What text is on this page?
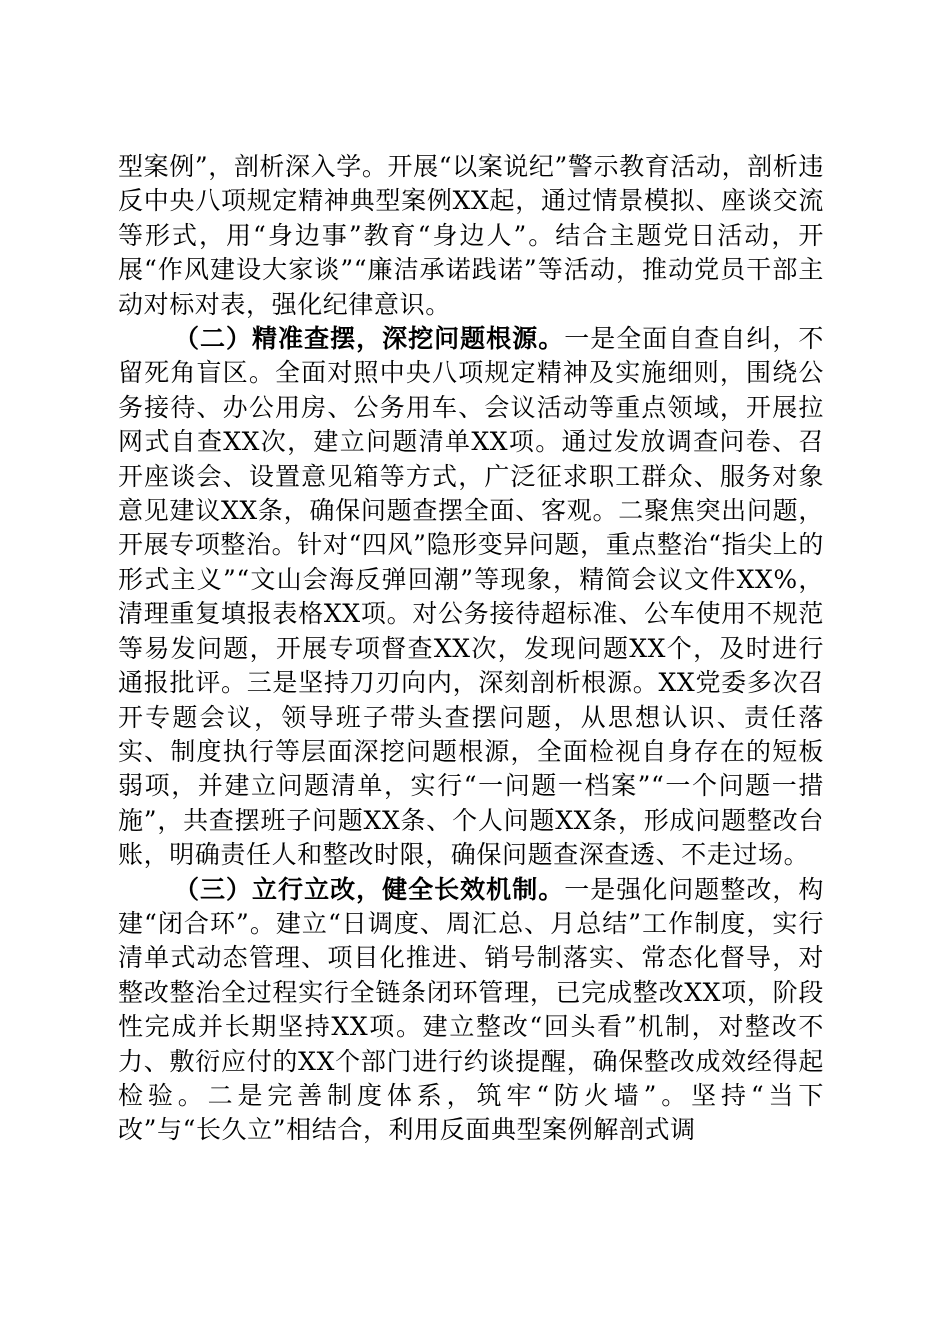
型案例”，剖析深入学。开展“以案说纪”警示教育活动，剖析违反中央八项规定精神典型案例XX起，通过情景模拟、座谈交流等形式，用“身边事”教育“身边人”。结合主题党日活动，开展“作风建设大家谈”“廉洁承诺践诺”等活动，推动党员干部主动对标对表，强化纪律意识。

（二）精准查摆，深挖问题根源。一是全面自查自纠，不留死角盲区。全面对照中央八项规定精神及实施细则，围绕公务接待、办公用房、公务用车、会议活动等重点领域，开展拉网式自查XX次，建立问题清单XX项。通过发放调查问卷、召开座谈会、设置意见箱等方式，广泛征求职工群众、服务对象意见建议XX条，确保问题查摆全面、客观。二聚焦突出问题，开展专项整治。针对“四风”隐形变异问题，重点整治“指尖上的形式主义”“文山会海反弹回潮”等现象，精简会议文件XX%，清理重复填报表格XX项。对公务接待超标准、公车使用不规范等易发问题，开展专项督查XX次，发现问题XX个，及时进行通报批评。三是坚持刀刃向内，深刻剖析根源。XX党委多次召开专题会议，领导班子带头查摆问题，从思想认识、责任落实、制度执行等层面深挖问题根源，全面检视自身存在的短板弱项，并建立问题清单，实行“一问题一档案”“一个问题一措施”，共查摆班子问题XX条、个人问题XX条，形成问题整改台账，明确责任人和整改时限，确保问题查深查透、不走过场。

（三）立行立改，健全长效机制。一是强化问题整改，构建“闭合环”。建立“日调度、周汇总、月总结”工作制度，实行清单式动态管理、项目化推进、销号制落实、常态化督导，对整改整治全过程实行全链条闭环管理，已完成整改XX项，阶段性完成并长期坚持XX项。建立整改“回头看”机制，对整改不力、敷衍应付的XX个部门进行约谈提醒，确保整改成效经得起检验。二是完善制度体系，筑牢“防火墙”。坚持“当下改”与“长久立”相结合，利用反面典型案例解剖式调
